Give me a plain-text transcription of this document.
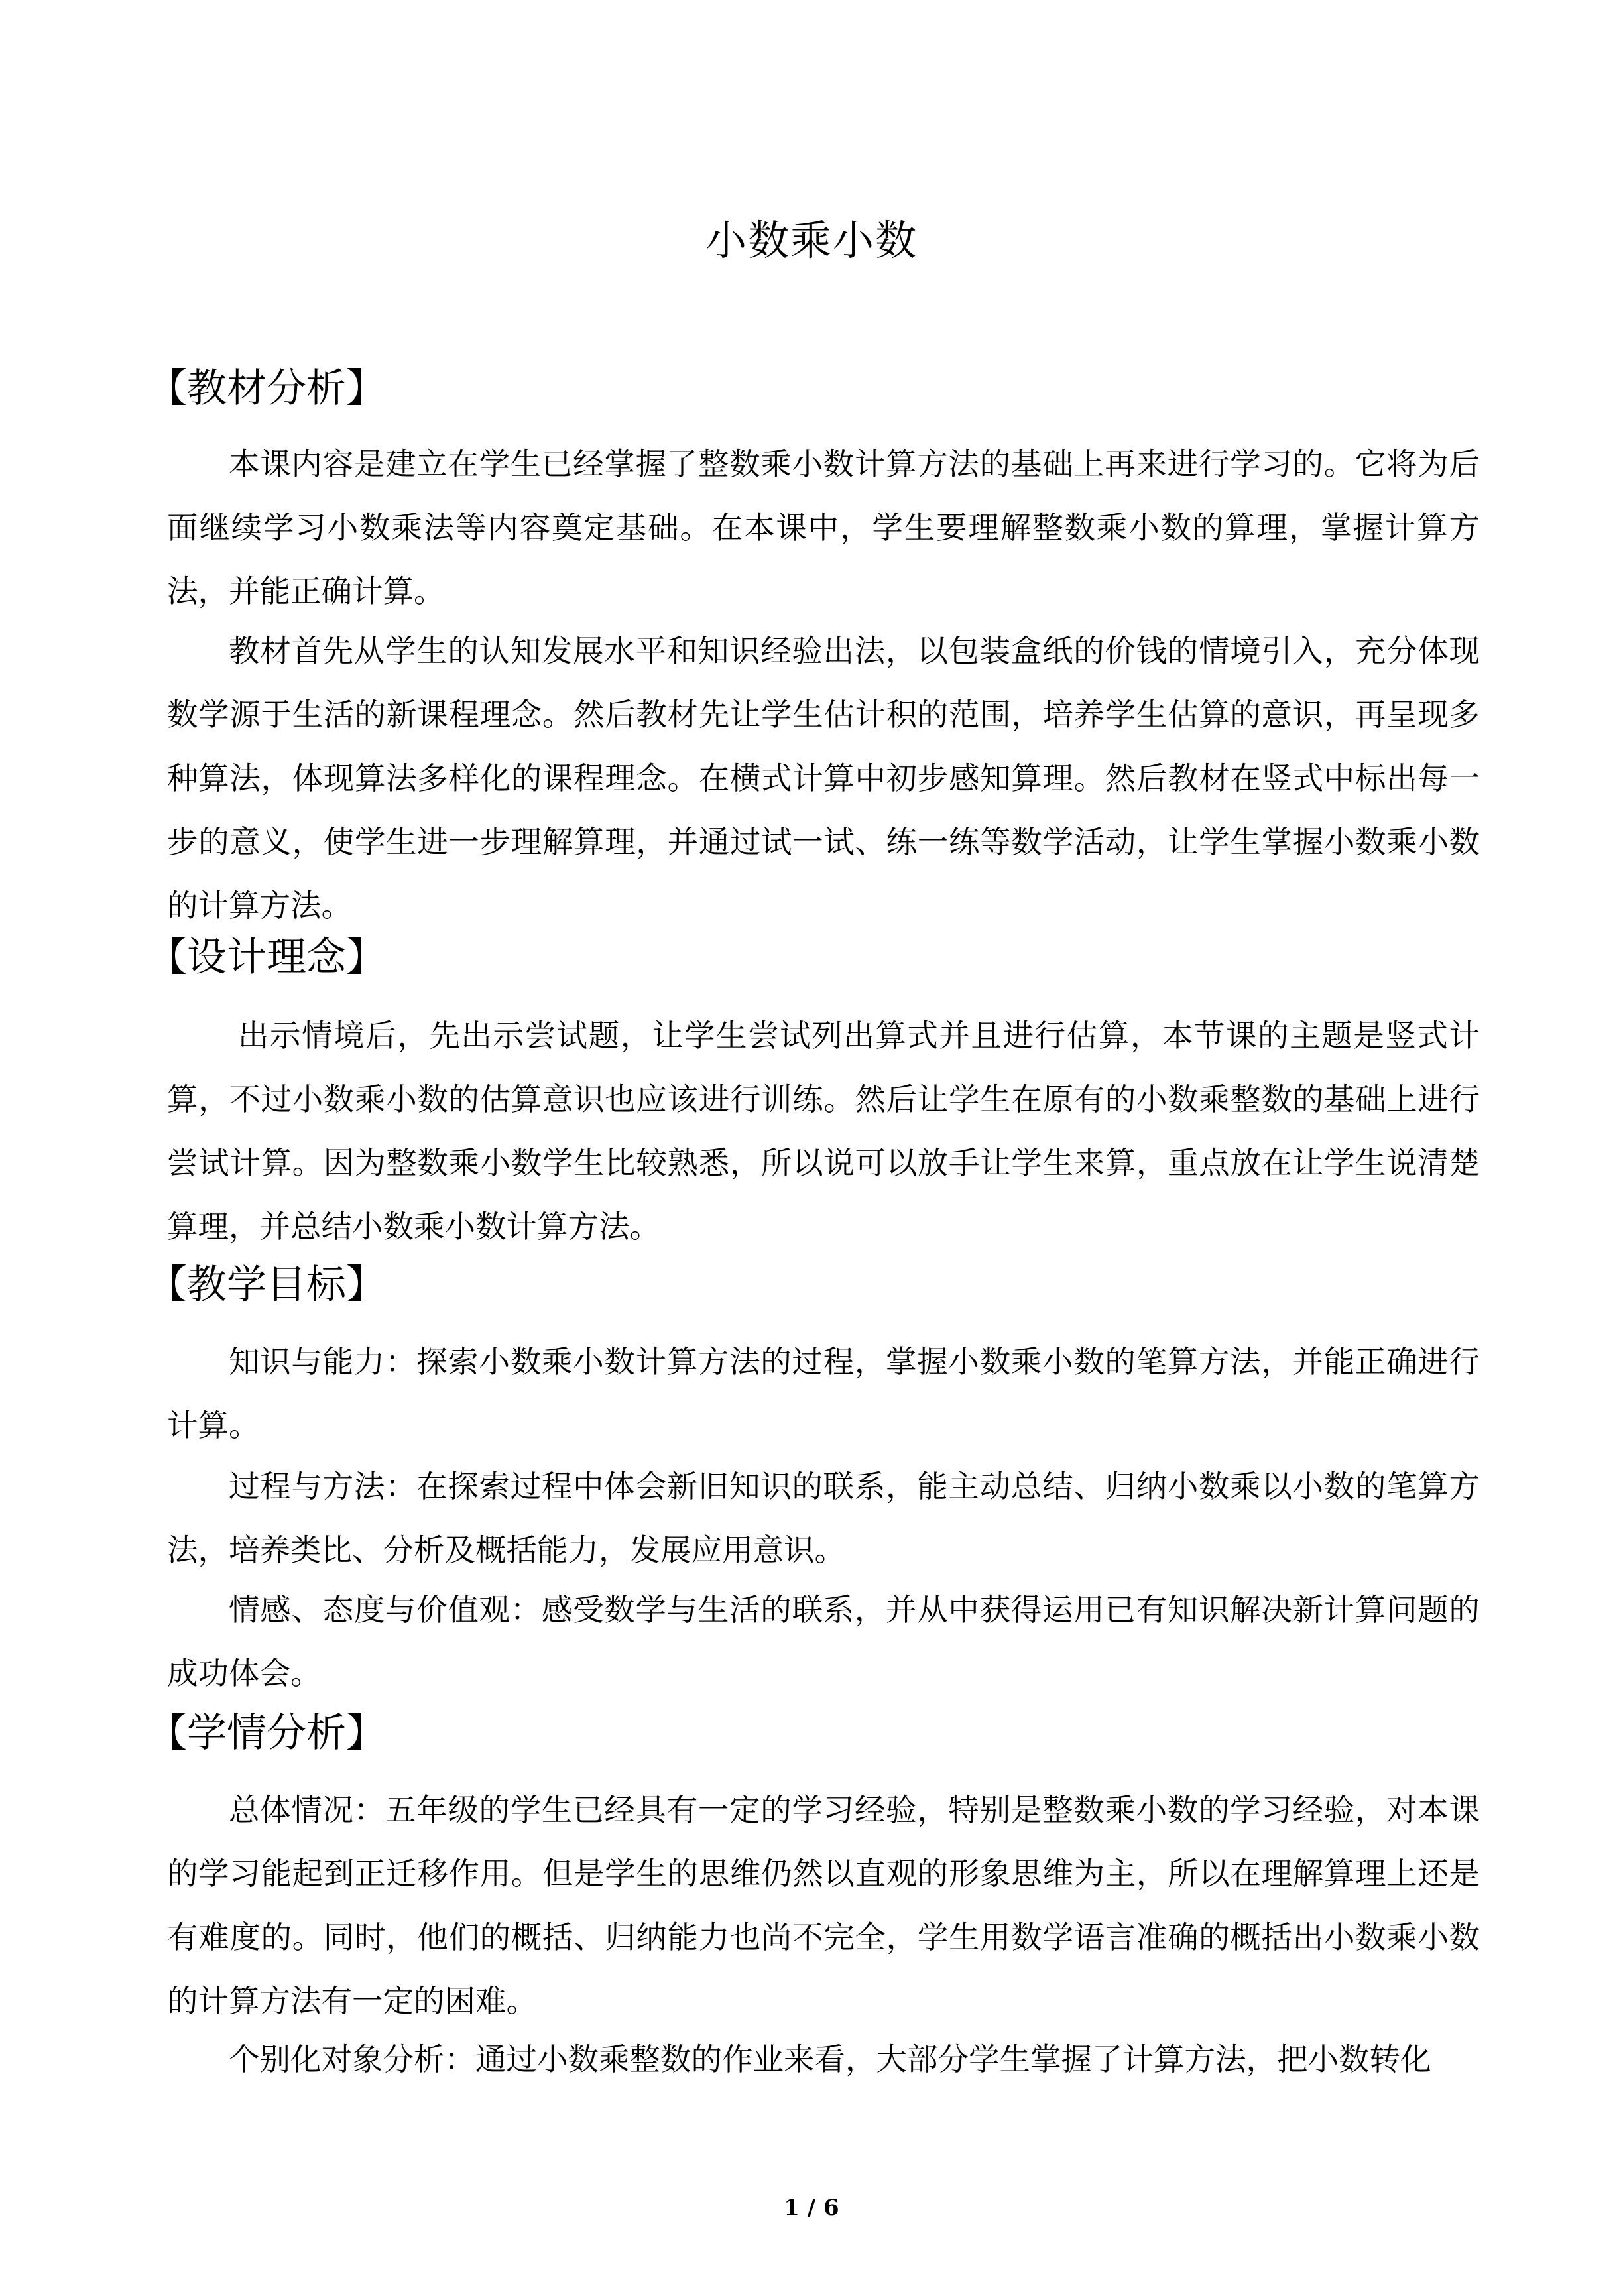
小数乘小数
【教材分析】

本课内容是建立在学生已经掌握了整数乘小数计算方法的基础上再来进行学习的。它将为后面继续学习小数乘法等内容奠定基础。在本课中，学生要理解整数乘小数的算理，掌握计算方法，并能正确计算。

教材首先从学生的认知发展水平和知识经验出法，以包装盒纸的价钱的情境引入，充分体现数学源于生活的新课程理念。然后教材先让学生估计积的范围，培养学生估算的意识，再呈现多种算法，体现算法多样化的课程理念。在横式计算中初步感知算理。然后教材在竖式中标出每一步的意义，使学生进一步理解算理，并通过试一试、练一练等数学活动，让学生掌握小数乘小数的计算方法。

【设计理念】

出示情境后，先出示尝试题，让学生尝试列出算式并且进行估算，本节课的主题是竖式计算，不过小数乘小数的估算意识也应该进行训练。然后让学生在原有的小数乘整数的基础上进行尝试计算。因为整数乘小数学生比较熟悉，所以说可以放手让学生来算，重点放在让学生说清楚算理，并总结小数乘小数计算方法。

【教学目标】

知识与能力：探索小数乘小数计算方法的过程，掌握小数乘小数的笔算方法，并能正确进行计算。

过程与方法：在探索过程中体会新旧知识的联系，能主动总结、归纳小数乘以小数的笔算方法，培养类比、分析及概括能力，发展应用意识。

情感、态度与价值观：感受数学与生活的联系，并从中获得运用已有知识解决新计算问题的成功体会。

【学情分析】

总体情况：五年级的学生已经具有一定的学习经验，特别是整数乘小数的学习经验，对本课的学习能起到正迁移作用。但是学生的思维仍然以直观的形象思维为主，所以在理解算理上还是有难度的。同时，他们的概括、归纳能力也尚不完全，学生用数学语言准确的概括出小数乘小数的计算方法有一定的困难。

个别化对象分析：通过小数乘整数的作业来看，大部分学生掌握了计算方法，把小数转化

1 / 6
